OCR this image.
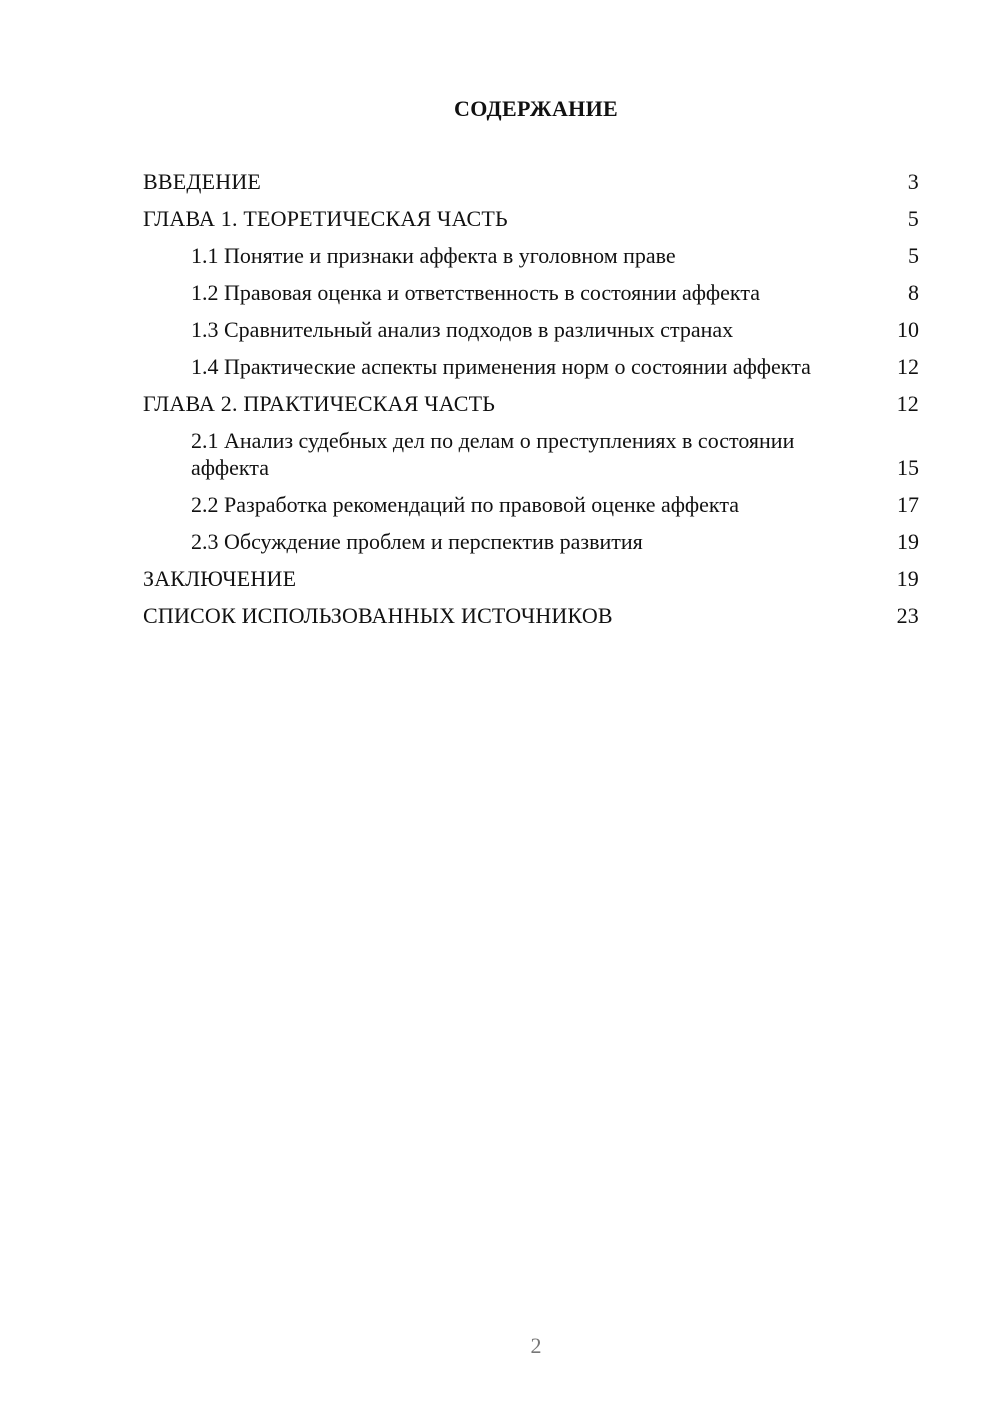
СОДЕРЖАНИЕ
ВВЕДЕНИЕ	3
ГЛАВА 1. ТЕОРЕТИЧЕСКАЯ ЧАСТЬ	5
1.1 Понятие и признаки аффекта в уголовном праве	5
1.2 Правовая оценка и ответственность в состоянии аффекта	8
1.3 Сравнительный анализ подходов в различных странах	10
1.4 Практические аспекты применения норм о состоянии аффекта	12
ГЛАВА 2. ПРАКТИЧЕСКАЯ ЧАСТЬ	12
2.1 Анализ судебных дел по делам о преступлениях в состоянии аффекта	15
2.2 Разработка рекомендаций по правовой оценке аффекта	17
2.3 Обсуждение проблем и перспектив развития	19
ЗАКЛЮЧЕНИЕ	19
СПИСОК ИСПОЛЬЗОВАННЫХ ИСТОЧНИКОВ	23
2
